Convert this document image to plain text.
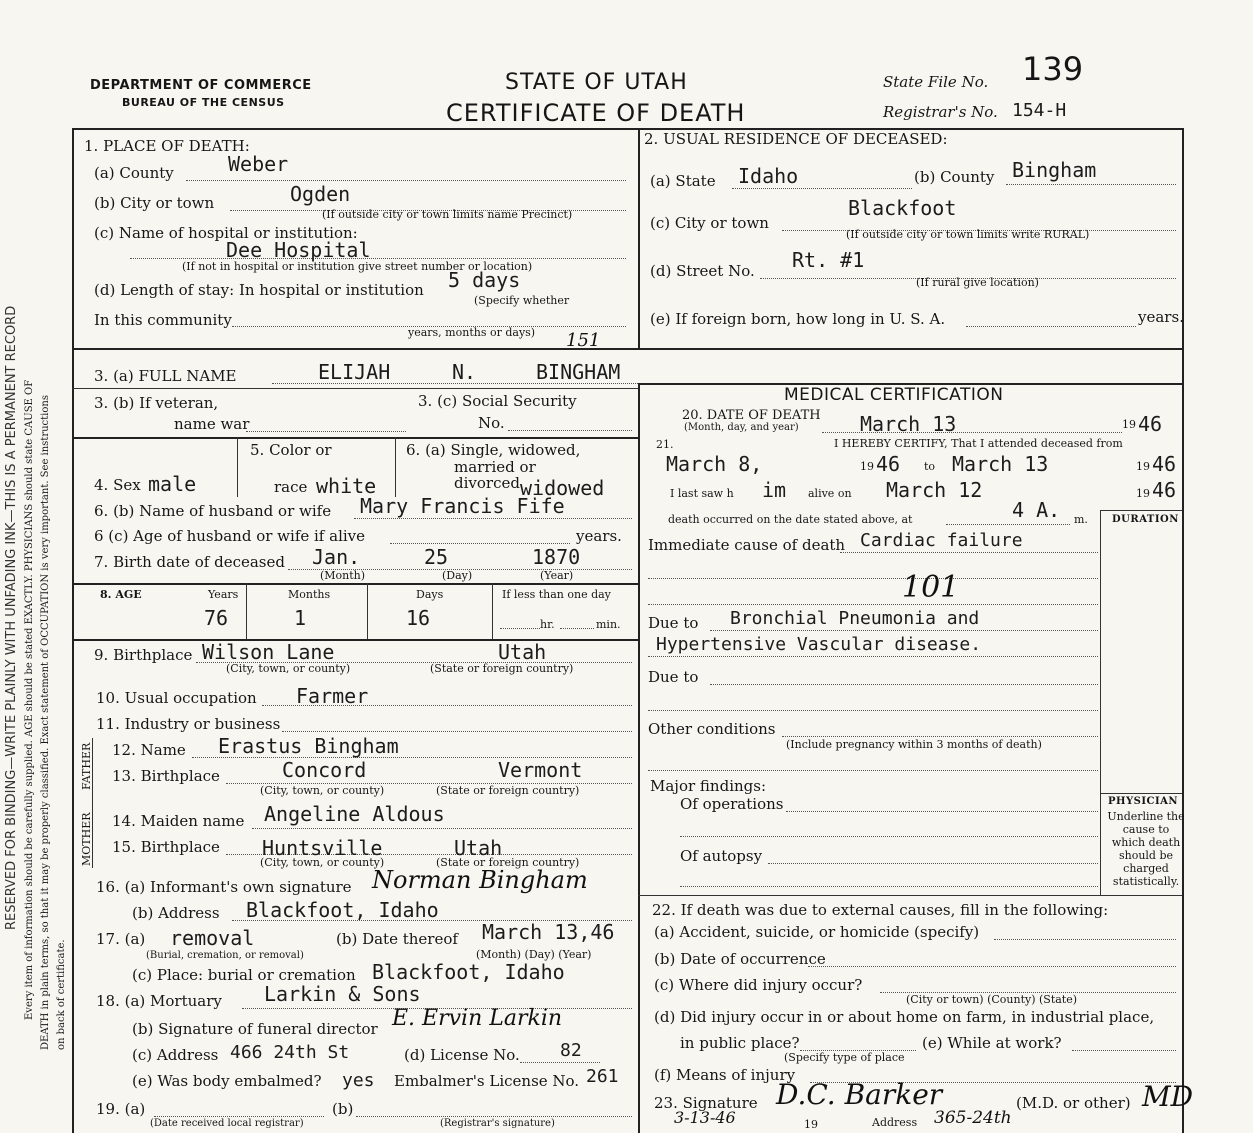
RESERVED FOR BINDING—WRITE PLAINLY WITH UNFADING INK—THIS IS A PERMANENT RECORD Every item of information should be carefully supplied. AGE should be stated EXACTLY. PHYSICIANS should state CAUSE OF DEATH in plain terms, so that it may be properly classified. Exact statement of OCCUPATION is very important. See instructions on back of certificate.
DEPARTMENT OF COMMERCE
BUREAU OF THE CENSUS
STATE OF UTAH
CERTIFICATE OF DEATH
State File No. 139
Registrar's No. 154-H
1. PLACE OF DEATH:
(a) County	Weber
(b) City or town	Ogden
(If outside city or town limits name Precinct)
(c) Name of hospital or institution:
Dee Hospital
(If not in hospital or institution give street number or location)
(d) Length of stay: In hospital or institution 5 days
(Specify whether
In this community
years, months or days) 151
2. USUAL RESIDENCE OF DECEASED:
(a) State Idaho	(b) County Bingham
(c) City or town
Blackfoot
(If outside city or town limits write RURAL)
(d) Street No. Rt. #1
(If rural give location)
(e) If foreign born, how long in U. S. A.	years.
3. (a) FULL NAME	ELIJAH	N.	BINGHAM
3. (b) If veteran,
name war
3. (c) Social Security
No.
5. Color or
race white
6. (a) Single, widowed,
married or
divorced widowed
4. Sex male
6. (b) Name of husband or wife Mary Francis Fife
6 (c) Age of husband or wife if alive	years.
7. Birth date of deceased Jan.	25	1870
(Month)	(Day)	(Year)
8. AGE	Years
76
Months
1
Days
16
If less than one day
hr.	min.
9. Birthplace Wilson Lane	Utah
(City, town, or county)	(State or foreign country)
10. Usual occupation Farmer
11. Industry or business
FATHER
MOTHER
12. Name Erastus Bingham
13. Birthplace	Concord	Vermont
(City, town, or county)	(State or foreign country)
14. Maiden name Angeline Aldous
15. Birthplace Huntsville	Utah
(City, town, or county)	(State or foreign country)
16. (a) Informant's own signature Norman Bingham
(b) Address Blackfoot, Idaho
17. (a) removal
(Burial, cremation, or removal)
(b) Date thereof March 13,46
(Month) (Day) (Year)
(c) Place: burial or cremation Blackfoot, Idaho
18. (a) Mortuary Larkin & Sons
(b) Signature of funeral director E. Ervin Larkin
(c) Address 466 24th St	(d) License No. 82
(e) Was body embalmed? yes Embalmer's License No. 261
19. (a)	(b)
(Date received local registrar)	(Registrar's signature)
MEDICAL CERTIFICATION
20. DATE OF DEATH
(Month, day, and year)	March 13	19 46
21.	I HEREBY CERTIFY, That I attended deceased from
March 8,	19 46 to March 13	19 46
I last saw h im alive on March 12	19 46
death occurred on the date stated above, at	4 A. m. DURATION
Immediate cause of death Cardiac failure
101
Due to Bronchial Pneumonia and
Hypertensive Vascular disease.
Due to
Other conditions
(Include pregnancy within 3 months of death)
Major findings:
Of operations
Of autopsy
PHYSICIAN
Underline the cause to which death should be charged statistically.
22. If death was due to external causes, fill in the following:
(a) Accident, suicide, or homicide (specify)
(b) Date of occurrence
(c) Where did injury occur?
(City or town) (County) (State)
(d) Did injury occur in or about home on farm, in industrial place,
in public place?
(Specify type of place
(e) While at work?
(f) Means of injury
23. Signature D.C. Barker	(M.D. or other) MD
3-13-46	19	Address 365-24th
